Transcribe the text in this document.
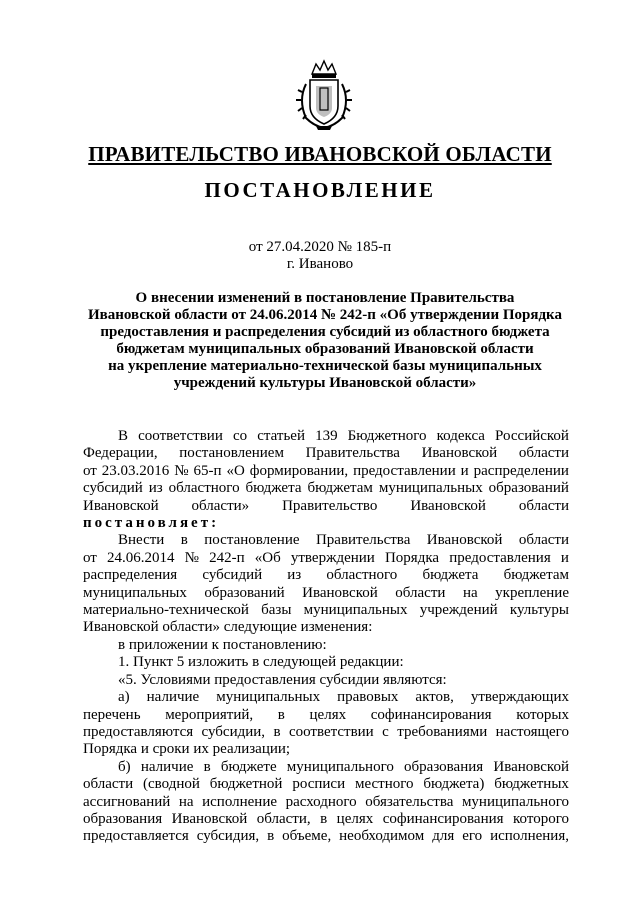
ПРАВИТЕЛЬСТВО ИВАНОВСКОЙ ОБЛАСТИ
ПОСТАНОВЛЕНИЕ
от 27.04.2020 № 185-п
г. Иваново
О внесении изменений в постановление Правительства
Ивановской области от 24.06.2014 № 242-п «Об утверждении Порядка
предоставления и распределения субсидий из областного бюджета
бюджетам муниципальных образований Ивановской области
на укрепление материально-технической базы муниципальных
учреждений культуры Ивановской области»
В соответствии со статьей 139 Бюджетного кодекса Российской
Федерации, постановлением Правительства Ивановской области
от 23.03.2016 № 65-п «О формировании, предоставлении и распределении
субсидий из областного бюджета бюджетам муниципальных образований
Ивановской области» Правительство Ивановской области
постановляет:
Внести в постановление Правительства Ивановской области
от 24.06.2014 № 242-п «Об утверждении Порядка предоставления и
распределения субсидий из областного бюджета бюджетам
муниципальных образований Ивановской области на укрепление
материально-технической базы муниципальных учреждений культуры
Ивановской области» следующие изменения:
в приложении к постановлению:
1. Пункт 5 изложить в следующей редакции:
«5. Условиями предоставления субсидии являются:
а) наличие муниципальных правовых актов, утверждающих
перечень мероприятий, в целях софинансирования которых
предоставляются субсидии, в соответствии с требованиями настоящего
Порядка и сроки их реализации;
б) наличие в бюджете муниципального образования Ивановской
области (сводной бюджетной росписи местного бюджета) бюджетных
ассигнований на исполнение расходного обязательства муниципального
образования Ивановской области, в целях софинансирования которого
предоставляется субсидия, в объеме, необходимом для его исполнения,
